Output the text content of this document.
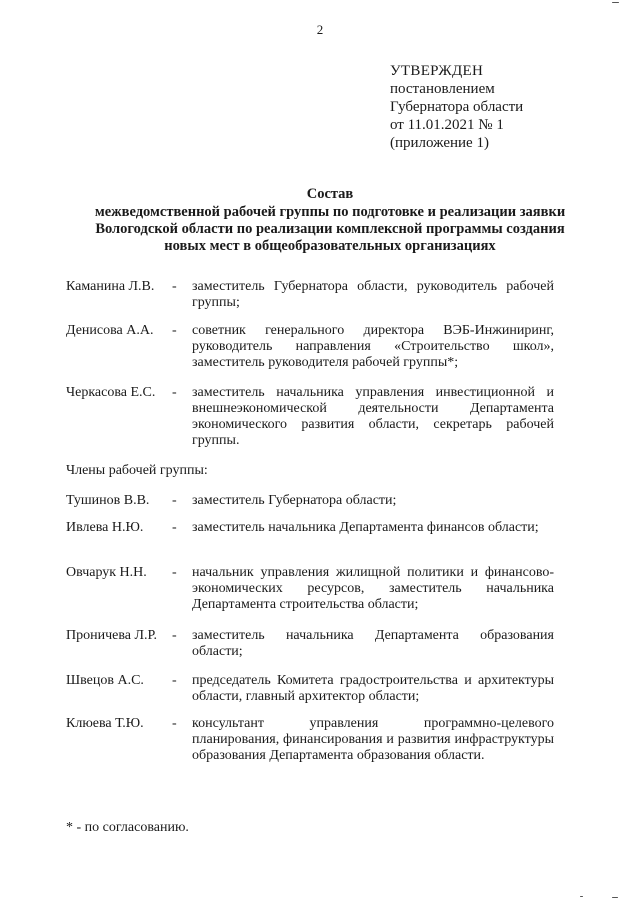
2
УТВЕРЖДЕН
постановлением
Губернатора области
от 11.01.2021 № 1
(приложение 1)
Состав
межведомственной рабочей группы по подготовке и реализации заявки
Вологодской области по реализации комплексной программы создания
новых мест в общеобразовательных организациях
Каманина Л.В. - заместитель Губернатора области, руководитель рабочей группы;
Денисова А.А. - советник генерального директора ВЭБ-Инжиниринг, руководитель направления «Строительство школ», заместитель руководителя рабочей группы*;
Черкасова Е.С. - заместитель начальника управления инвестиционной и внешнеэкономической деятельности Департамента экономического развития области, секретарь рабочей группы.
Члены рабочей группы:
Тушинов В.В. - заместитель Губернатора области;
Ивлева Н.Ю. - заместитель начальника Департамента финансов области;
Овчарук Н.Н. - начальник управления жилищной политики и финансово-экономических ресурсов, заместитель начальника Департамента строительства области;
Проничева Л.Р. - заместитель начальника Департамента образования области;
Швецов А.С. - председатель Комитета градостроительства и архитектуры области, главный архитектор области;
Клюева Т.Ю. - консультант управления программно-целевого планирования, финансирования и развития инфраструктуры образования Департамента образования области.
* - по согласованию.
